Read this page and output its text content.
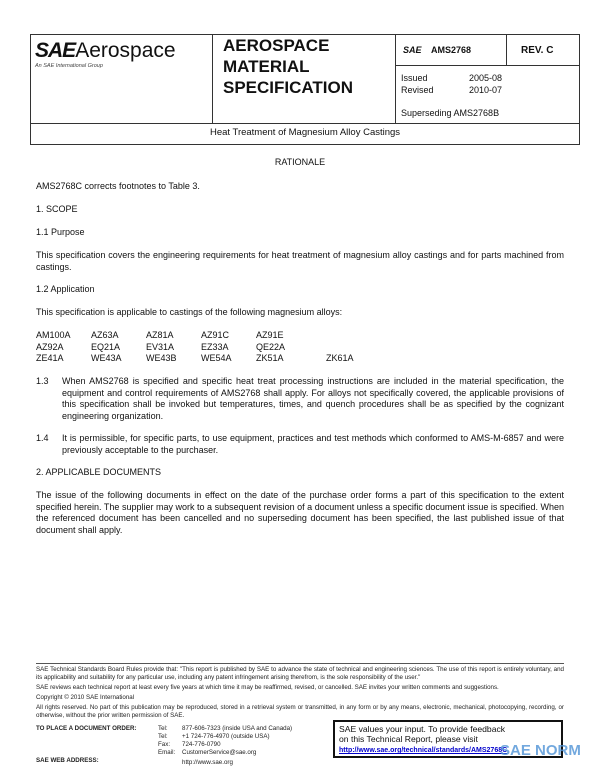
SAEAerospace
An SAE International Group
AEROSPACE
MATERIAL
SPECIFICATION
SAE AMS2768	REV. C
Issued	2005-08
Revised	2010-07
Superseding AMS2768B
Heat Treatment of Magnesium Alloy Castings
RATIONALE
AMS2768C corrects footnotes to Table 3.
1. SCOPE
1.1 Purpose
This specification covers the engineering requirements for heat treatment of magnesium alloy castings and for parts machined from castings.
1.2 Application
This specification is applicable to castings of the following magnesium alloys:
AM100A	AZ63A	AZ81A	AZ91C	AZ91E
AZ92A	EQ21A	EV31A	EZ33A	QE22A
ZE41A	WE43A	WE43B	WE54A	ZK51A	ZK61A
1.3 When AMS2768 is specified and specific heat treat processing instructions are included in the material specification, the equipment and control requirements of AMS2768 shall apply. For alloys not specifically covered, the applicable provisions of this specification shall be invoked but temperatures, times, and quench procedures shall be as specified by the cognizant engineering organization.
1.4 It is permissible, for specific parts, to use equipment, practices and test methods which conformed to AMS-M-6857 and were previously acceptable to the purchaser.
2. APPLICABLE DOCUMENTS
The issue of the following documents in effect on the date of the purchase order forms a part of this specification to the extent specified herein. The supplier may work to a subsequent revision of a document unless a specific document issue is specified. When the referenced document has been cancelled and no superseding document has been specified, the last published issue of that document shall apply.

SAE Technical Standards Board Rules provide that: "This report is published by SAE to advance the state of technical and engineering sciences. The use of this report is entirely voluntary, and its applicability and suitability for any particular use, including any patent infringement arising therefrom, is the sole responsibility of the user."

SAE reviews each technical report at least every five years at which time it may be reaffirmed, revised, or cancelled. SAE invites your written comments and suggestions.

Copyright © 2010 SAE International

All rights reserved. No part of this publication may be reproduced, stored in a retrieval system or transmitted, in any form or by any means, electronic, mechanical, photocopying, recording, or otherwise, without the prior written permission of SAE.

TO PLACE A DOCUMENT ORDER:
SAE WEB ADDRESS:
Tel: 877-606-7323 (inside USA and Canada)
Tel: +1 724-776-4970 (outside USA)
Fax: 724-776-0790
Email: CustomerService@sae.org
http://www.sae.org
SAE values your input. To provide feedback
on this Technical Report, please visit
http://www.sae.org/technical/standards/AMS2768C
SAE NORM
